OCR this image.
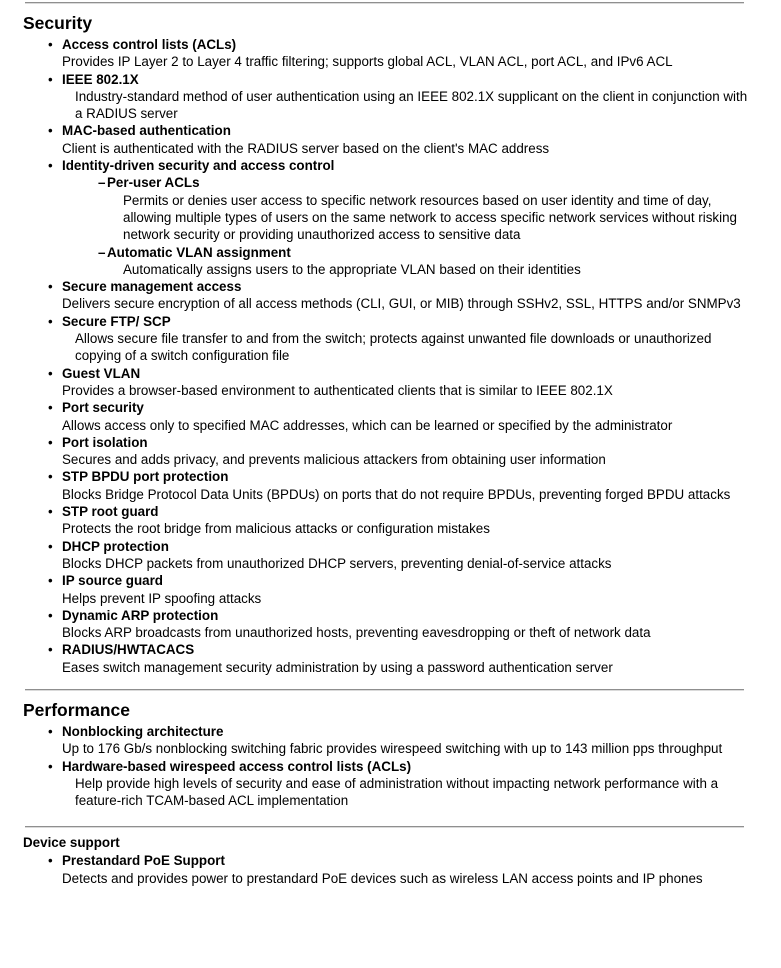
Security
• Access control lists (ACLs)

Provides IP Layer 2 to Layer 4 traffic filtering; supports global ACL, VLAN ACL, port ACL, and IPv6 ACL

• IEEE 802.1X

Industry-standard method of user authentication using an IEEE 802.1X supplicant on the client in conjunction with a RADIUS server

• MAC-based authentication

Client is authenticated with the RADIUS server based on the client's MAC address

• Identity-driven security and access control

– Per-user ACLs

Permits or denies user access to specific network resources based on user identity and time of day, allowing multiple types of users on the same network to access specific network services without risking network security or providing unauthorized access to sensitive data

– Automatic VLAN assignment

Automatically assigns users to the appropriate VLAN based on their identities

• Secure management access

Delivers secure encryption of all access methods (CLI, GUI, or MIB) through SSHv2, SSL, HTTPS and/or SNMPv3

• Secure FTP/ SCP

Allows secure file transfer to and from the switch; protects against unwanted file downloads or unauthorized copying of a switch configuration file

• Guest VLAN

Provides a browser-based environment to authenticated clients that is similar to IEEE 802.1X

• Port security

Allows access only to specified MAC addresses, which can be learned or specified by the administrator

• Port isolation

Secures and adds privacy, and prevents malicious attackers from obtaining user information

• STP BPDU port protection

Blocks Bridge Protocol Data Units (BPDUs) on ports that do not require BPDUs, preventing forged BPDU attacks

• STP root guard

Protects the root bridge from malicious attacks or configuration mistakes

• DHCP protection

Blocks DHCP packets from unauthorized DHCP servers, preventing denial-of-service attacks

• IP source guard

Helps prevent IP spoofing attacks

• Dynamic ARP protection

Blocks ARP broadcasts from unauthorized hosts, preventing eavesdropping or theft of network data

• RADIUS/HWTACACS

Eases switch management security administration by using a password authentication server

Performance
• Nonblocking architecture

Up to 176 Gb/s nonblocking switching fabric provides wirespeed switching with up to 143 million pps throughput

• Hardware-based wirespeed access control lists (ACLs)

Help provide high levels of security and ease of administration without impacting network performance with a feature-rich TCAM-based ACL implementation

Device support
• Prestandard PoE Support

Detects and provides power to prestandard PoE devices such as wireless LAN access points and IP phones
